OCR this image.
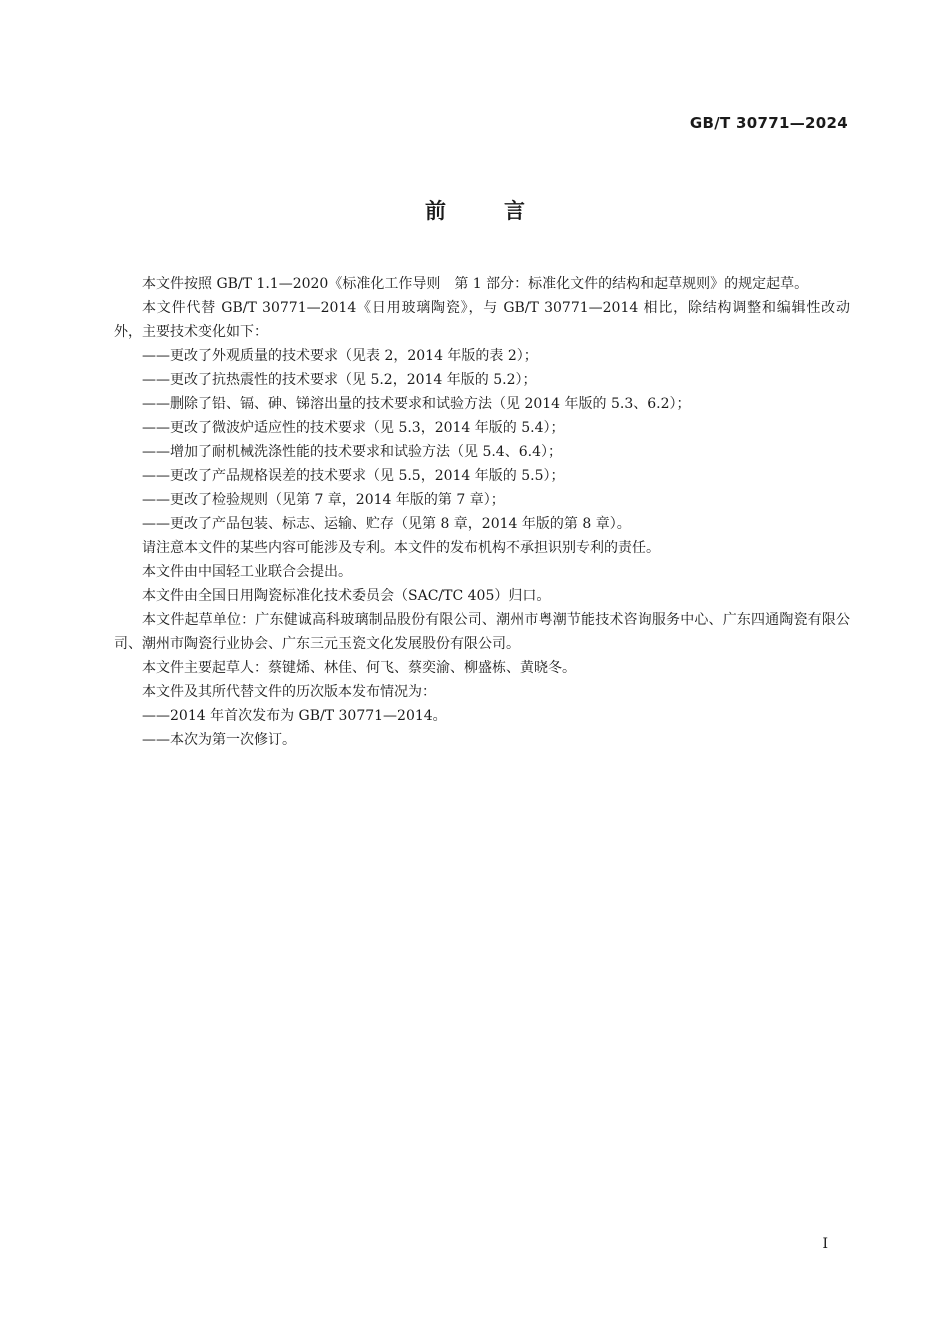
GB/T 30771—2024
前言

本文件按照 GB/T 1.1—2020《标准化工作导则　第 1 部分：标准化文件的结构和起草规则》的规定起草。

本文件代替 GB/T 30771—2014《日用玻璃陶瓷》，与 GB/T 30771—2014 相比，除结构调整和编辑性改动外，主要技术变化如下：

——更改了外观质量的技术要求（见表 2，2014 年版的表 2）；

——更改了抗热震性的技术要求（见 5.2，2014 年版的 5.2）；

——删除了铅、镉、砷、锑溶出量的技术要求和试验方法（见 2014 年版的 5.3、6.2）；

——更改了微波炉适应性的技术要求（见 5.3，2014 年版的 5.4）；

——增加了耐机械洗涤性能的技术要求和试验方法（见 5.4、6.4）；

——更改了产品规格误差的技术要求（见 5.5，2014 年版的 5.5）；

——更改了检验规则（见第 7 章，2014 年版的第 7 章）；

——更改了产品包装、标志、运输、贮存（见第 8 章，2014 年版的第 8 章）。

请注意本文件的某些内容可能涉及专利。本文件的发布机构不承担识别专利的责任。

本文件由中国轻工业联合会提出。

本文件由全国日用陶瓷标准化技术委员会（SAC/TC 405）归口。

本文件起草单位：广东健诚高科玻璃制品股份有限公司、潮州市粤潮节能技术咨询服务中心、广东四通陶瓷有限公司、潮州市陶瓷行业协会、广东三元玉瓷文化发展股份有限公司。

本文件主要起草人：蔡键烯、林佳、何飞、蔡奕渝、柳盛栋、黄晓冬。

本文件及其所代替文件的历次版本发布情况为：

——2014 年首次发布为 GB/T 30771—2014。

——本次为第一次修订。

I
